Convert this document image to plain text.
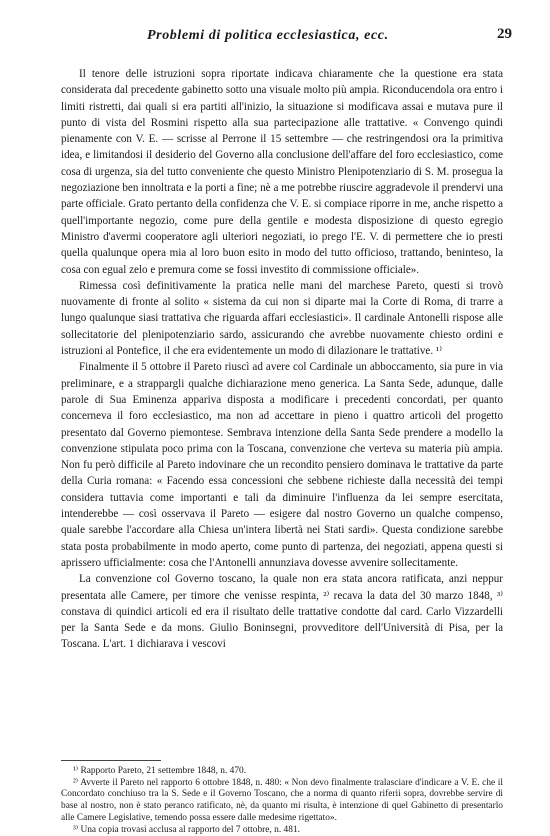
Problemi di politica ecclesiastica, ecc.	29

Il tenore delle istruzioni sopra riportate indicava chiaramente che la questione era stata considerata dal precedente gabinetto sotto una visuale molto più ampia. Riconducendola ora entro i limiti ristretti, dai quali si era partiti all'inizio, la situazione si modificava assai e mutava pure il punto di vista del Rosmini rispetto alla sua partecipazione alle trattative. « Convengo quindi pienamente con V. E. — scrisse al Perrone il 15 settembre — che restringendosi ora la primitiva idea, e limitandosi il desiderio del Governo alla conclusione dell'affare del foro ecclesiastico, come cosa di urgenza, sia del tutto conveniente che questo Ministro Plenipotenziario di S. M. prosegua la negoziazione ben innoltrata e la porti a fine; nè a me potrebbe riuscire aggradevole il prendervi una parte officiale. Grato pertanto della confidenza che V. E. si compiace riporre in me, anche rispetto a quell'importante negozio, come pure della gentile e modesta disposizione di questo egregio Ministro d'avermi cooperatore agli ulteriori negoziati, io prego l'E. V. di permettere che io presti quella qualunque opera mia al loro buon esito in modo del tutto officioso, trattando, beninteso, la cosa con egual zelo e premura come se fossi investito di commissione officiale».

Rimessa così definitivamente la pratica nelle mani del marchese Pareto, questi si trovò nuovamente di fronte al solito « sistema da cui non si diparte mai la Corte di Roma, di trarre a lungo qualunque siasi trattativa che riguarda affari ecclesiastici». Il cardinale Antonelli rispose alle sollecitatorie del plenipotenziario sardo, assicurando che avrebbe nuovamente chiesto ordini e istruzioni al Pontefice, il che era evidentemente un modo di dilazionare le trattative. ¹⁾

Finalmente il 5 ottobre il Pareto riuscì ad avere col Cardinale un abboccamento, sia pure in via preliminare, e a strappargli qualche dichiarazione meno generica. La Santa Sede, adunque, dalle parole di Sua Eminenza appariva disposta a modificare i precedenti concordati, per quanto concerneva il foro ecclesiastico, ma non ad accettare in pieno i quattro articoli del progetto presentato dal Governo piemontese. Sembrava intenzione della Santa Sede prendere a modello la convenzione stipulata poco prima con la Toscana, convenzione che verteva su materia più ampia. Non fu però difficile al Pareto indovinare che un recondito pensiero dominava le trattative da parte della Curia romana: « Facendo essa concessioni che sebbene richieste dalla necessità dei tempi considera tuttavia come importanti e tali da diminuire l'influenza da lei sempre esercitata, intenderebbe — così osservava il Pareto — esigere dal nostro Governo un qualche compenso, quale sarebbe l'accordare alla Chiesa un'intera libertà nei Stati sardi». Questa condizione sarebbe stata posta probabilmente in modo aperto, come punto di partenza, dei negoziati, appena questi si aprissero ufficialmente: cosa che l'Antonelli annunziava dovesse avvenire sollecitamente.

La convenzione col Governo toscano, la quale non era stata ancora ratificata, anzi neppur presentata alle Camere, per timore che venisse respinta, ²⁾ recava la data del 30 marzo 1848, ³⁾ constava di quindici articoli ed era il risultato delle trattative condotte dal card. Carlo Vizzardelli per la Santa Sede e da mons. Giulio Boninsegni, provveditore dell'Università di Pisa, per la Toscana. L'art. 1 dichiarava i vescovi

¹⁾ Rapporto Pareto, 21 settembre 1848, n. 470.

²⁾ Avverte il Pareto nel rapporto 6 ottobre 1848, n. 480: « Non devo finalmente tralasciare d'indicare a V. E. che il Concordato conchiuso tra la S. Sede e il Governo Toscano, che a norma di quanto riferii sopra, dovrebbe servire di base al nostro, non è stato peranco ratificato, nè, da quanto mi risulta, è intenzione di quel Gabinetto di presentarlo alle Camere Legislative, temendo possa essere dalle medesime rigettato».

³⁾ Una copia trovasi acclusa al rapporto del 7 ottobre, n. 481.
